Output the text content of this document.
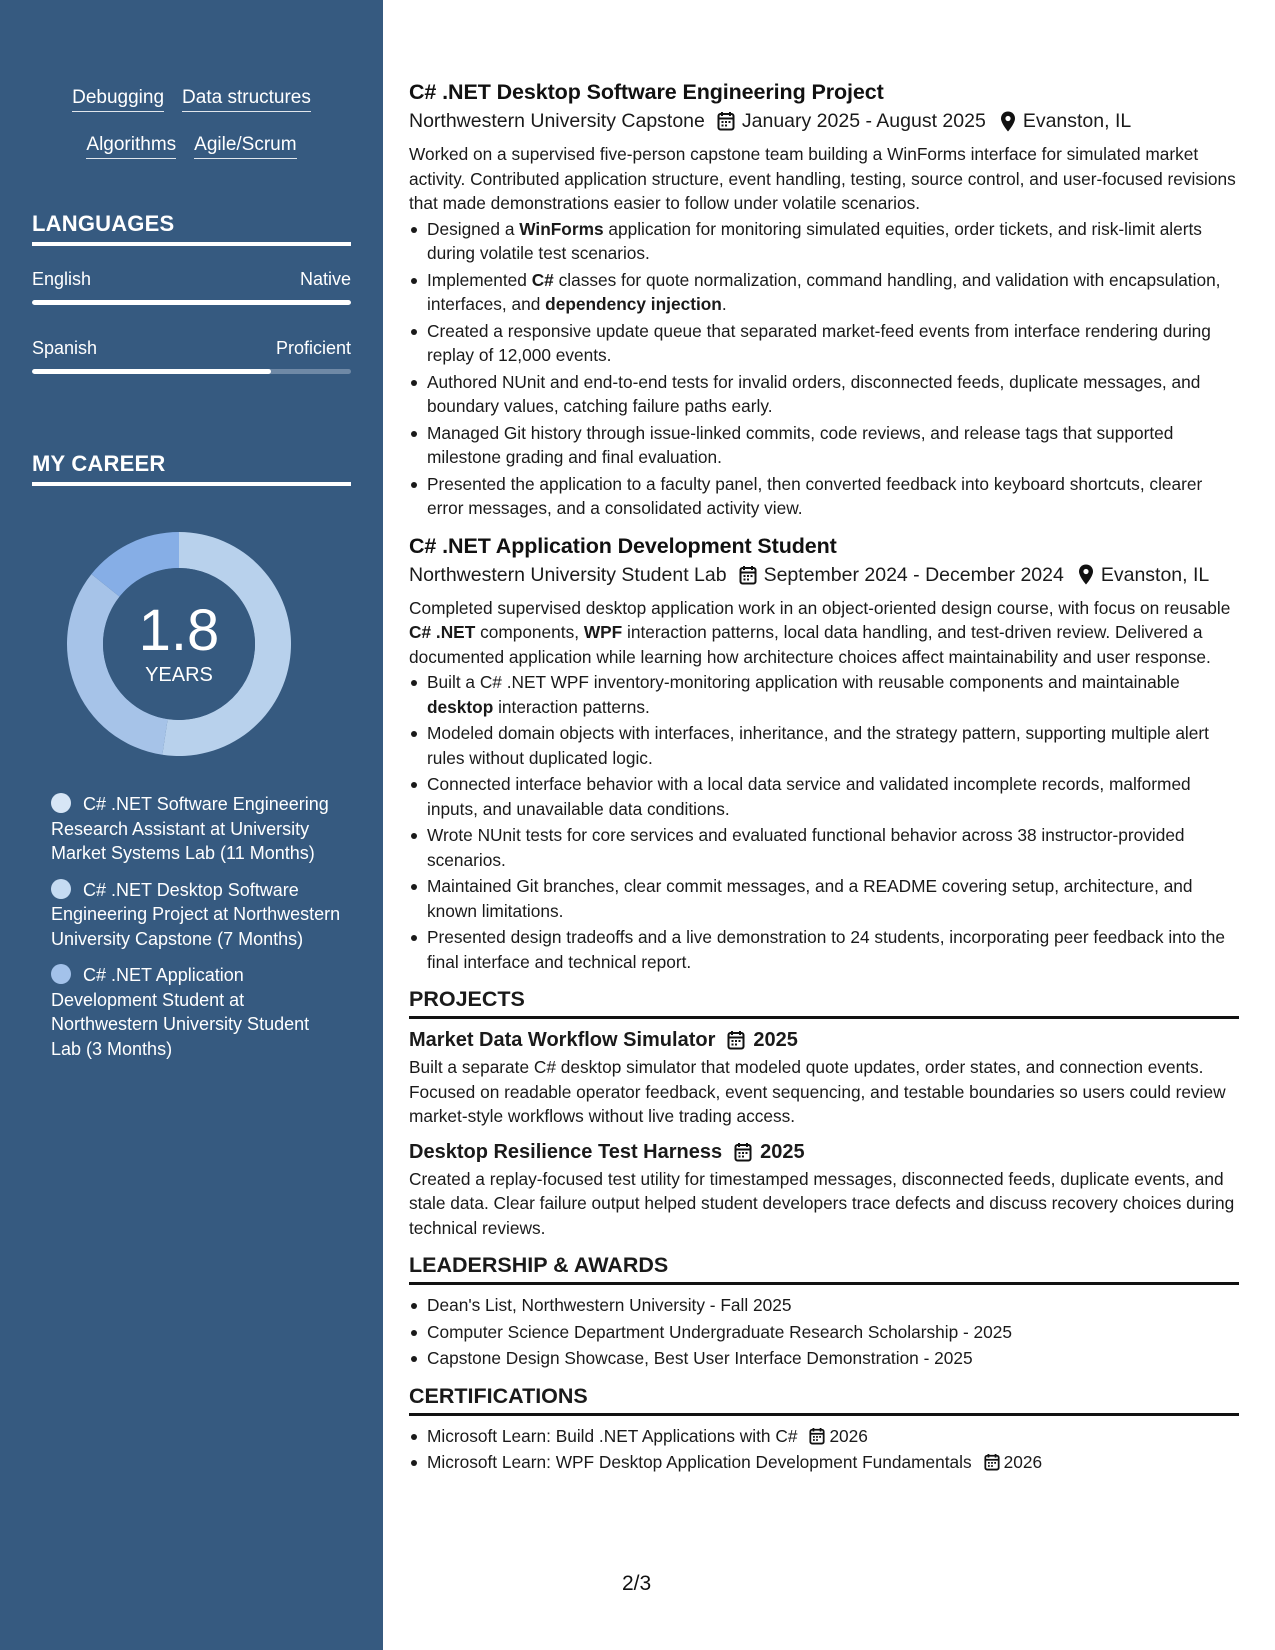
Debugging Data structures
Algorithms Agile/Scrum
LANGUAGES
English	Native
Spanish	Proficient
MY CAREER
1.8
YEARS
C# .NET Software Engineering Research Assistant at University Market Systems Lab (11 Months)
C# .NET Desktop Software Engineering Project at Northwestern University Capstone (7 Months)
C# .NET Application Development Student at Northwestern University Student Lab (3 Months)
C# .NET Desktop Software Engineering Project
Northwestern University Capstone January 2025 - August 2025 Evanston, IL

Worked on a supervised five-person capstone team building a WinForms interface for simulated market activity. Contributed application structure, event handling, testing, source control, and user-focused revisions that made demonstrations easier to follow under volatile scenarios.

Designed a WinForms application for monitoring simulated equities, order tickets, and risk-limit alerts during volatile test scenarios.
Implemented C# classes for quote normalization, command handling, and validation with encapsulation, interfaces, and dependency injection.
Created a responsive update queue that separated market-feed events from interface rendering during replay of 12,000 events.
Authored NUnit and end-to-end tests for invalid orders, disconnected feeds, duplicate messages, and boundary values, catching failure paths early.
Managed Git history through issue-linked commits, code reviews, and release tags that supported milestone grading and final evaluation.
Presented the application to a faculty panel, then converted feedback into keyboard shortcuts, clearer error messages, and a consolidated activity view.
C# .NET Application Development Student
Northwestern University Student Lab September 2024 - December 2024 Evanston, IL

Completed supervised desktop application work in an object-oriented design course, with focus on reusable C# .NET components, WPF interaction patterns, local data handling, and test-driven review. Delivered a documented application while learning how architecture choices affect maintainability and user response.

Built a C# .NET WPF inventory-monitoring application with reusable components and maintainable desktop interaction patterns.
Modeled domain objects with interfaces, inheritance, and the strategy pattern, supporting multiple alert rules without duplicated logic.
Connected interface behavior with a local data service and validated incomplete records, malformed inputs, and unavailable data conditions.
Wrote NUnit tests for core services and evaluated functional behavior across 38 instructor-provided scenarios.
Maintained Git branches, clear commit messages, and a README covering setup, architecture, and known limitations.
Presented design tradeoffs and a live demonstration to 24 students, incorporating peer feedback into the final interface and technical report.
PROJECTS
Market Data Workflow Simulator 2025

Built a separate C# desktop simulator that modeled quote updates, order states, and connection events. Focused on readable operator feedback, event sequencing, and testable boundaries so users could review market-style workflows without live trading access.

Desktop Resilience Test Harness 2025

Created a replay-focused test utility for timestamped messages, disconnected feeds, duplicate events, and stale data. Clear failure output helped student developers trace defects and discuss recovery choices during technical reviews.

LEADERSHIP & AWARDS
Dean's List, Northwestern University - Fall 2025
Computer Science Department Undergraduate Research Scholarship - 2025
Capstone Design Showcase, Best User Interface Demonstration - 2025
CERTIFICATIONS
Microsoft Learn: Build .NET Applications with C# 2026
Microsoft Learn: WPF Desktop Application Development Fundamentals 2026
2/3
